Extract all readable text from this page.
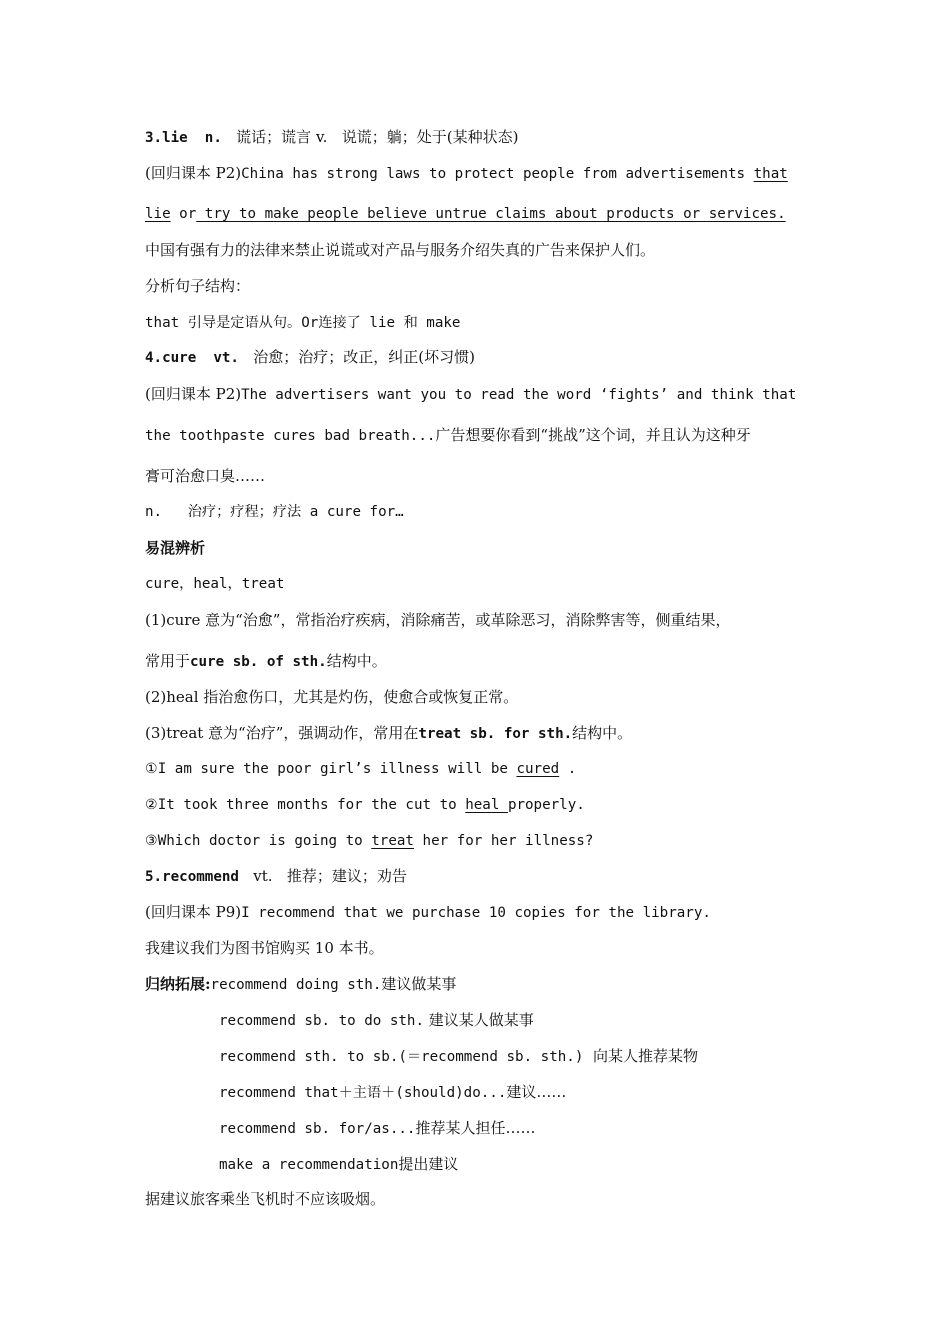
3.lie  n.   谎话；谎言 v.   说谎；躺；处于(某种状态)
(回归课本 P2)China has strong laws to protect people from advertisements that
lie or try to make people believe untrue claims about products or services.
中国有强有力的法律来禁止说谎或对产品与服务介绍失真的广告来保护人们。
分析句子结构：
that 引导是定语从句。Or连接了 lie 和 make
4.cure  vt.   治愈；治疗；改正，纠正(坏习惯)
(回归课本 P2)The advertisers want you to read the word ‘fights’ and think that
the toothpaste cures bad breath...广告想要你看到“挑战”这个词，并且认为这种牙
膏可治愈口臭……
n.   治疗；疗程；疗法 a cure for…
易混辨析
cure，heal，treat
(1)cure 意为“治愈”，常指治疗疾病，消除痛苦，或革除恶习，消除弊害等，侧重结果，
常用于cure sb. of sth.结构中。
(2)heal 指治愈伤口，尤其是灼伤，使愈合或恢复正常。
(3)treat 意为“治疗”，强调动作，常用在treat sb. for sth.结构中。
①I am sure the poor girl’s illness will be cured .
②It took three months for the cut to heal properly.
③Which doctor is going to treat her for her illness?
5.recommend   vt.   推荐；建议；劝告
(回归课本 P9)I recommend that we purchase 10 copies for the library.
我建议我们为图书馆购买 10 本书。
归纳拓展:recommend doing sth.建议做某事
recommend sb. to do sth. 建议某人做某事
recommend sth. to sb.(＝recommend sb. sth.)  向某人推荐某物
recommend that＋主语＋(should)do...建议……
recommend sb. for/as...推荐某人担任……
make a recommendation提出建议
据建议旅客乘坐飞机时不应该吸烟。
